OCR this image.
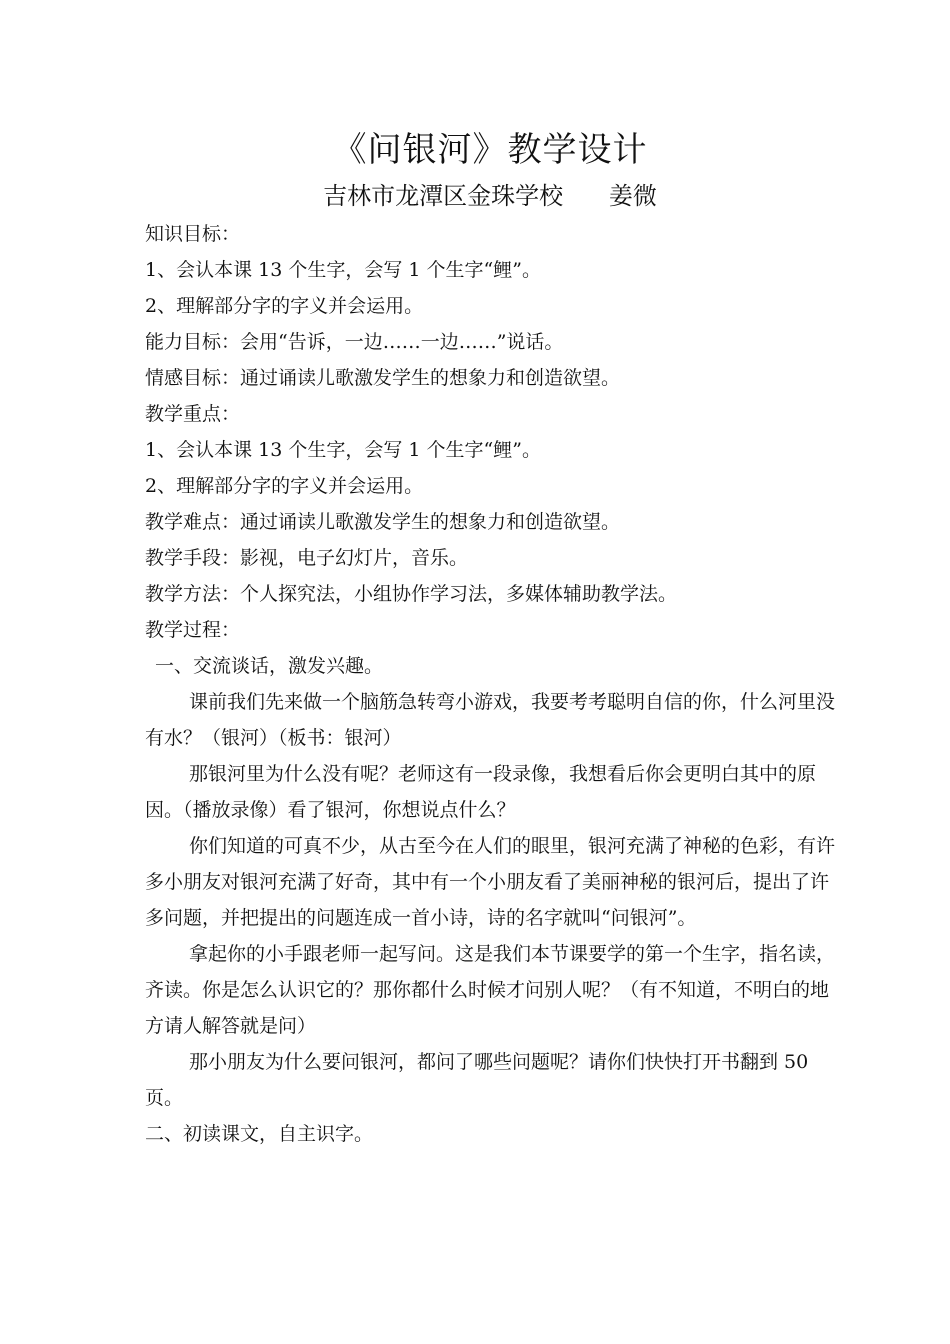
《问银河》教学设计
吉林市龙潭区金珠学校      姜微

知识目标：

1、会认本课 13 个生字，会写 1 个生字“鲤”。

2、理解部分字的字义并会运用。

能力目标：会用“告诉，一边……一边……”说话。

情感目标：通过诵读儿歌激发学生的想象力和创造欲望。

教学重点：

1、会认本课 13 个生字，会写 1 个生字“鲤”。

2、理解部分字的字义并会运用。

教学难点：通过诵读儿歌激发学生的想象力和创造欲望。

教学手段：影视，电子幻灯片，音乐。

教学方法：个人探究法，小组协作学习法，多媒体辅助教学法。

教学过程：

一、交流谈话，激发兴趣。

课前我们先来做一个脑筋急转弯小游戏，我要考考聪明自信的你，什么河里没有水？（银河）（板书：银河）

那银河里为什么没有呢？老师这有一段录像，我想看后你会更明白其中的原因。（播放录像）看了银河，你想说点什么？

你们知道的可真不少，从古至今在人们的眼里，银河充满了神秘的色彩，有许多小朋友对银河充满了好奇，其中有一个小朋友看了美丽神秘的银河后，提出了许多问题，并把提出的问题连成一首小诗，诗的名字就叫“问银河”。

拿起你的小手跟老师一起写问。这是我们本节课要学的第一个生字，指名读，齐读。你是怎么认识它的？那你都什么时候才问别人呢？（有不知道，不明白的地方请人解答就是问）

那小朋友为什么要问银河，都问了哪些问题呢？请你们快快打开书翻到 50 页。

二、初读课文，自主识字。
